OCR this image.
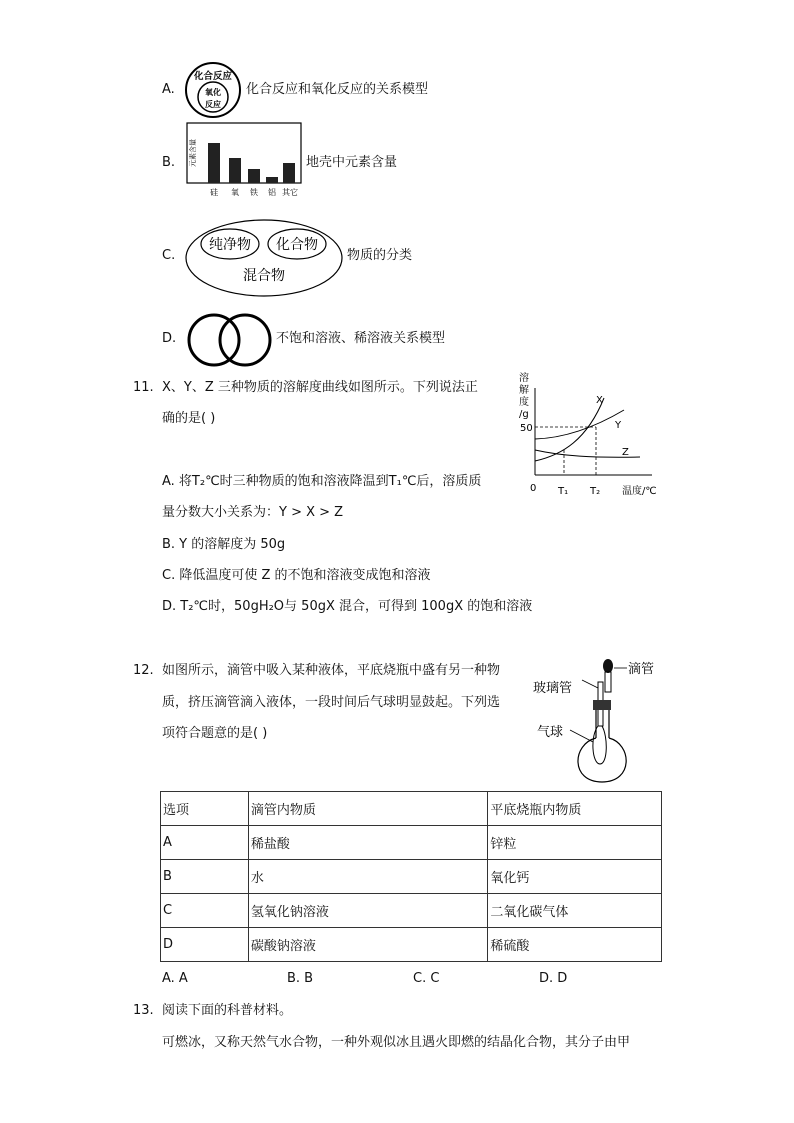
A.
化合反应
氧化
反应
化合反应和氧化反应的关系模型
B. 元素含量
硅 氧 铁 铝 其它
地壳中元素含量
C.
纯净物 化合物
混合物
物质的分类
D.	不饱和溶液、稀溶液关系模型
11. X、Y、Z 三种物质的溶解度曲线如图所示。下列说法正
确的是( )
溶
解
度
/g
50
0 T₁ T₂ 温度/℃
X
Y
Z
A. 将T₂℃时三种物质的饱和溶液降温到T₁℃后，溶质质
量分数大小关系为：Y > X > Z
B. Y 的溶解度为 50g
C. 降低温度可使 Z 的不饱和溶液变成饱和溶液
D. T₂℃时，50gH₂O与 50gX 混合，可得到 100gX 的饱和溶液
12. 如图所示，滴管中吸入某种液体，平底烧瓶中盛有另一种物
质，挤压滴管滴入液体，一段时间后气球明显鼓起。下列选
项符合题意的是( )
滴管
玻璃管
气球
选项	滴管内物质	平底烧瓶内物质
A	稀盐酸	锌粒
B	水	氧化钙
C	氢氧化钠溶液	二氧化碳气体
D	碳酸钠溶液	稀硫酸
A. A	B. B	C. C	D. D
13. 阅读下面的科普材料。
可燃冰，又称天然气水合物，一种外观似冰且遇火即燃的结晶化合物，其分子由甲
